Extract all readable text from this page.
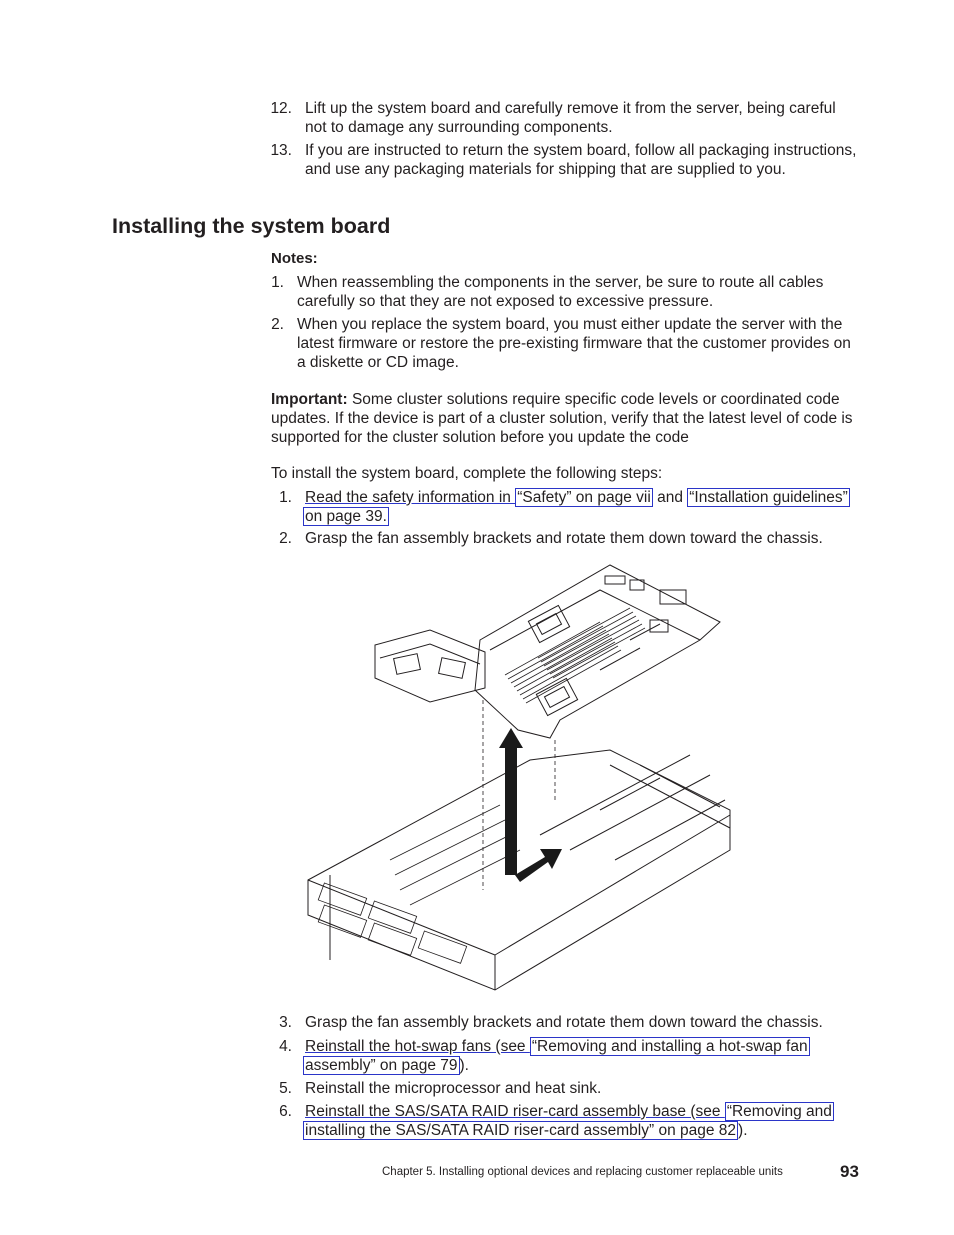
12. Lift up the system board and carefully remove it from the server, being careful not to damage any surrounding components.
13. If you are instructed to return the system board, follow all packaging instructions, and use any packaging materials for shipping that are supplied to you.
Installing the system board
Notes:
1. When reassembling the components in the server, be sure to route all cables carefully so that they are not exposed to excessive pressure.
2. When you replace the system board, you must either update the server with the latest firmware or restore the pre-existing firmware that the customer provides on a diskette or CD image.
Important: Some cluster solutions require specific code levels or coordinated code updates. If the device is part of a cluster solution, verify that the latest level of code is supported for the cluster solution before you update the code
To install the system board, complete the following steps:
1. Read the safety information in “Safety” on page vii and “Installation guidelines”
on page 39.
2. Grasp the fan assembly brackets and rotate them down toward the chassis.
3. Grasp the fan assembly brackets and rotate them down toward the chassis.
4. Reinstall the hot-swap fans (see “Removing and installing a hot-swap fan
assembly” on page 79 ).
5. Reinstall the microprocessor and heat sink.
6. Reinstall the SAS/SATA RAID riser-card assembly base (see “Removing and
installing the SAS/SATA RAID riser-card assembly” on page 82 ).
Chapter 5. Installing optional devices and replacing customer replaceable units	93
